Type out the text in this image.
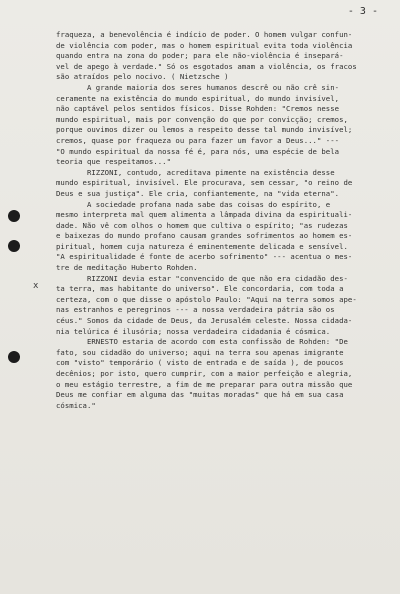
- 3 -
x
fraqueza, a benevolência é indício de poder. O homem vulgar confun-
de violência com poder, mas o homem espiritual evita toda violência
quando entra na zona do poder; para ele não-violência é insepará-
vel de apego à verdade." Só os esgotados amam a violência, os fracos
são atraídos pelo nocivo. ( Nietzsche )
A grande maioria dos seres humanos descrê ou não crê sin-
ceramente na existência do mundo espiritual, do mundo invisível,
não captável pelos sentidos físicos. Disse Rohden: "Cremos nesse
mundo espiritual, mais por convenção do que por convicção; cremos,
porque ouvimos dizer ou lemos a respeito desse tal mundo invisível;
cremos, quase por fraqueza ou para fazer um favor a Deus..." ---
"O mundo espiritual da nossa fé é, para nós, uma espécie de bela
teoria que respeitamos..."
RIZZONI, contudo, acreditava pimente na existência desse
mundo espiritual, invisível. Ele procurava, sem cessar, "o reino de
Deus e sua justiça". Ele cria, confiantemente, na "vida eterna".
A sociedade profana nada sabe das coisas do espírito, e
mesmo interpreta mal quem alimenta a lâmpada divina da espirituali-
dade. Não vê com olhos o homem que cultiva o espírito; "as rudezas
e baixezas do mundo profano causam grandes sofrimentos ao homem es-
piritual, homem cuja natureza é eminentemente delicada e sensível.
"A espiritualidade é fonte de acerbo sofrimento" --- acentua o mes-
tre de meditação Huberto Rohden.
RIZZONI devia estar "convencido de que não era cidadão des-
ta terra, mas habitante do universo". Ele concordaria, com toda a
certeza, com o que disse o apóstolo Paulo: "Aqui na terra somos ape-
nas estranhos e peregrinos --- a nossa verdadeira pátria são os
céus." Somos da cidade de Deus, da Jerusalém celeste. Nossa cidada-
nia telúrica é ilusória; nossa verdadeira cidadania é cósmica.
ERNESTO estaria de acordo com esta confissão de Rohden: "De
fato, sou cidadão do universo; aqui na terra sou apenas imigrante
com "visto" temporário ( visto de entrada e de saída ), de poucos
decênios; por isto, quero cumprir, com a maior perfeição e alegria,
o meu estágio terrestre, a fim de me preparar para outra missão que
Deus me confiar em alguma das "muitas moradas" que há em sua casa
cósmica."
